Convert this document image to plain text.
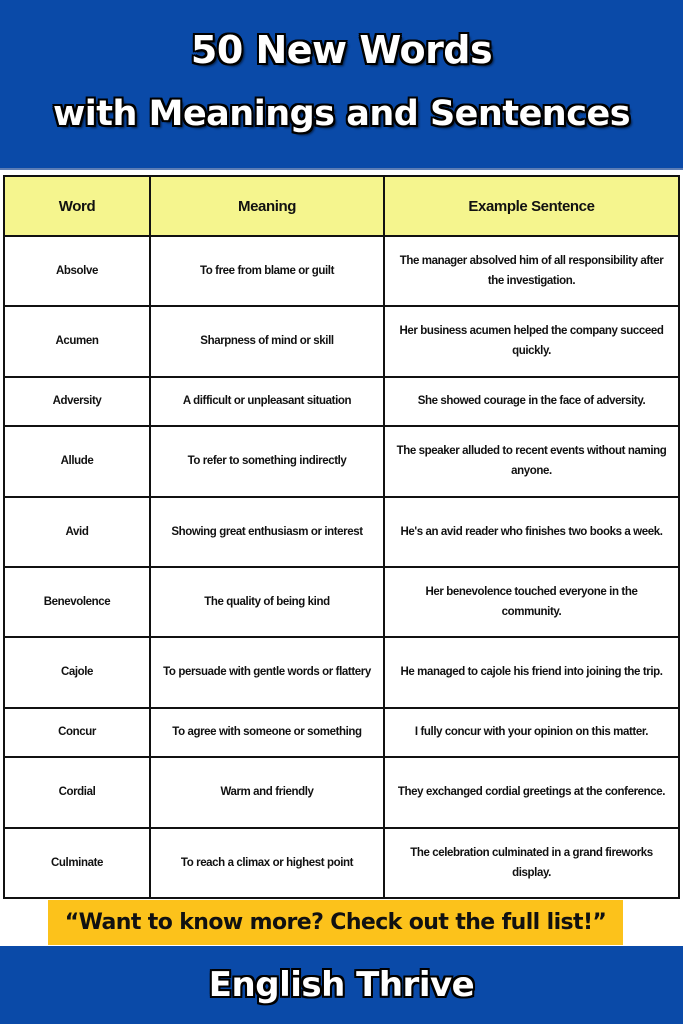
50 New Words
with Meanings and Sentences
Word	Meaning	Example Sentence
Absolve	To free from blame or guilt	The manager absolved him of all responsibility after the investigation.
Acumen	Sharpness of mind or skill	Her business acumen helped the company succeed quickly.
Adversity	A difficult or unpleasant situation	She showed courage in the face of adversity.
Allude	To refer to something indirectly	The speaker alluded to recent events without naming anyone.
Avid	Showing great enthusiasm or interest	He's an avid reader who finishes two books a week.
Benevolence	The quality of being kind	Her benevolence touched everyone in the community.
Cajole	To persuade with gentle words or flattery	He managed to cajole his friend into joining the trip.
Concur	To agree with someone or something	I fully concur with your opinion on this matter.
Cordial	Warm and friendly	They exchanged cordial greetings at the conference.
Culminate	To reach a climax or highest point	The celebration culminated in a grand fireworks display.
“Want to know more? Check out the full list!”
English Thrive
